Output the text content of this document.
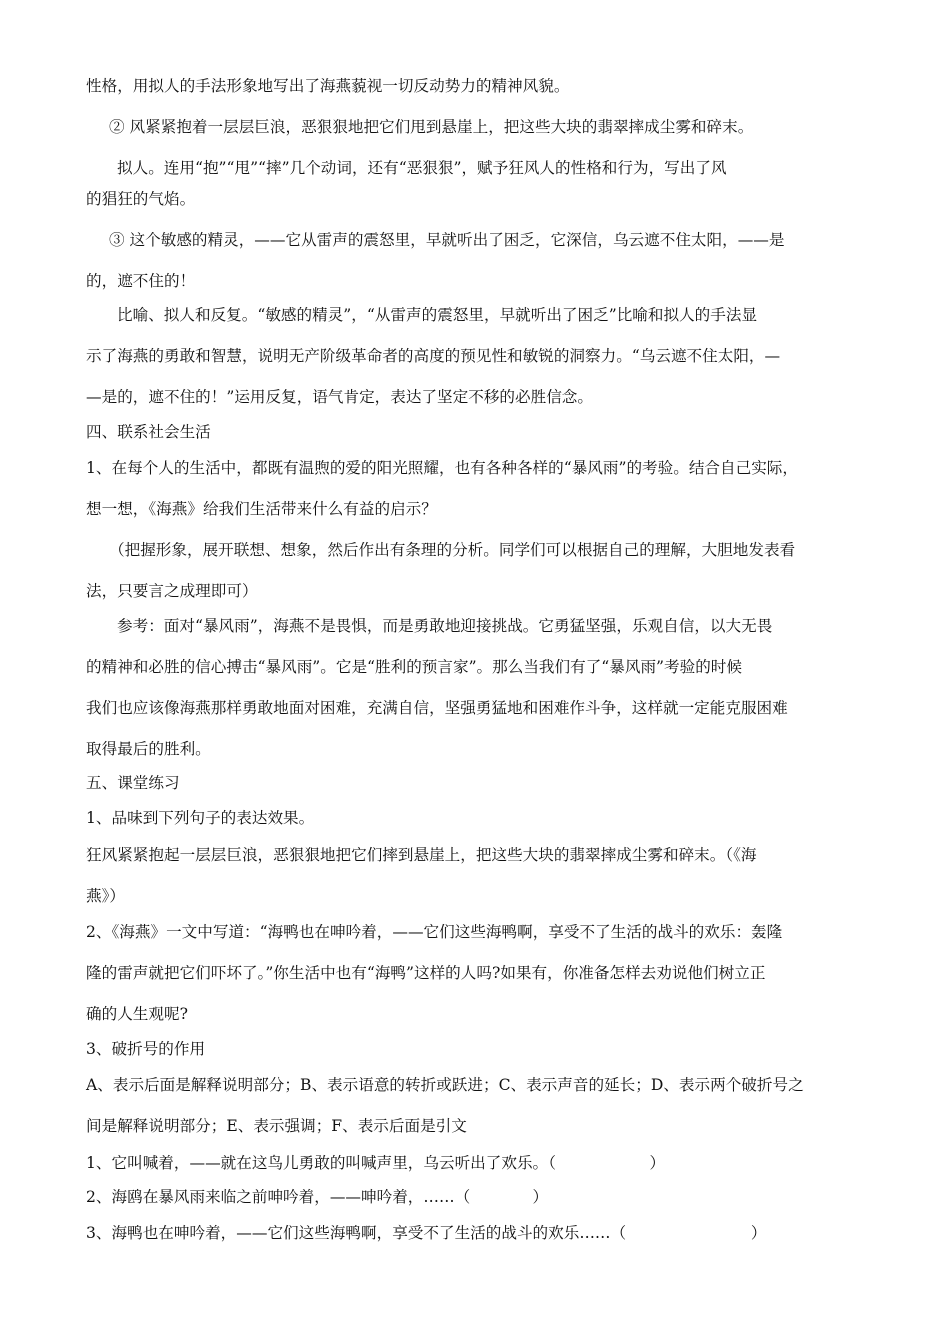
性格，用拟人的手法形象地写出了海燕藐视一切反动势力的精神风貌。
② 风紧紧抱着一层层巨浪，恶狠狠地把它们甩到悬崖上，把这些大块的翡翠摔成尘雾和碎末。
拟人。连用“抱”“甩”“摔”几个动词，还有“恶狠狠”，赋予狂风人的性格和行为，写出了风
的猖狂的气焰。
③ 这个敏感的精灵，——它从雷声的震怒里，早就听出了困乏，它深信，乌云遮不住太阳，——是
的，遮不住的！
比喻、拟人和反复。“敏感的精灵”，“从雷声的震怒里，早就听出了困乏”比喻和拟人的手法显
示了海燕的勇敢和智慧，说明无产阶级革命者的高度的预见性和敏锐的洞察力。“乌云遮不住太阳，—
—是的，遮不住的！”运用反复，语气肯定，表达了坚定不移的必胜信念。
四、联系社会生活
1、在每个人的生活中，都既有温煦的爱的阳光照耀，也有各种各样的“暴风雨”的考验。结合自己实际，
想一想，《海燕》给我们生活带来什么有益的启示？
（把握形象，展开联想、想象，然后作出有条理的分析。同学们可以根据自己的理解，大胆地发表看
法，只要言之成理即可）
参考：面对“暴风雨”，海燕不是畏惧，而是勇敢地迎接挑战。它勇猛坚强，乐观自信，以大无畏
的精神和必胜的信心搏击“暴风雨”。它是“胜利的预言家”。那么当我们有了“暴风雨”考验的时候
我们也应该像海燕那样勇敢地面对困难，充满自信，坚强勇猛地和困难作斗争，这样就一定能克服困难
取得最后的胜利。
五、课堂练习
1、品味到下列句子的表达效果。
狂风紧紧抱起一层层巨浪，恶狠狠地把它们摔到悬崖上，把这些大块的翡翠摔成尘雾和碎末。（《海
燕》）
2、《海燕》一文中写道：“海鸭也在呻吟着，——它们这些海鸭啊，享受不了生活的战斗的欢乐：轰隆
隆的雷声就把它们吓坏了。”你生活中也有“海鸭”这样的人吗?如果有，你准备怎样去劝说他们树立正
确的人生观呢?
3、破折号的作用
A、表示后面是解释说明部分；B、表示语意的转折或跃进；C、表示声音的延长；D、表示两个破折号之
间是解释说明部分；E、表示强调；F、表示后面是引文
1、它叫喊着，——就在这鸟儿勇敢的叫喊声里，乌云听出了欢乐。（　　　　　　）
2、海鸥在暴风雨来临之前呻吟着，——呻吟着，……（　　　　）
3、海鸭也在呻吟着，——它们这些海鸭啊，享受不了生活的战斗的欢乐……（　　　　　　　　）
